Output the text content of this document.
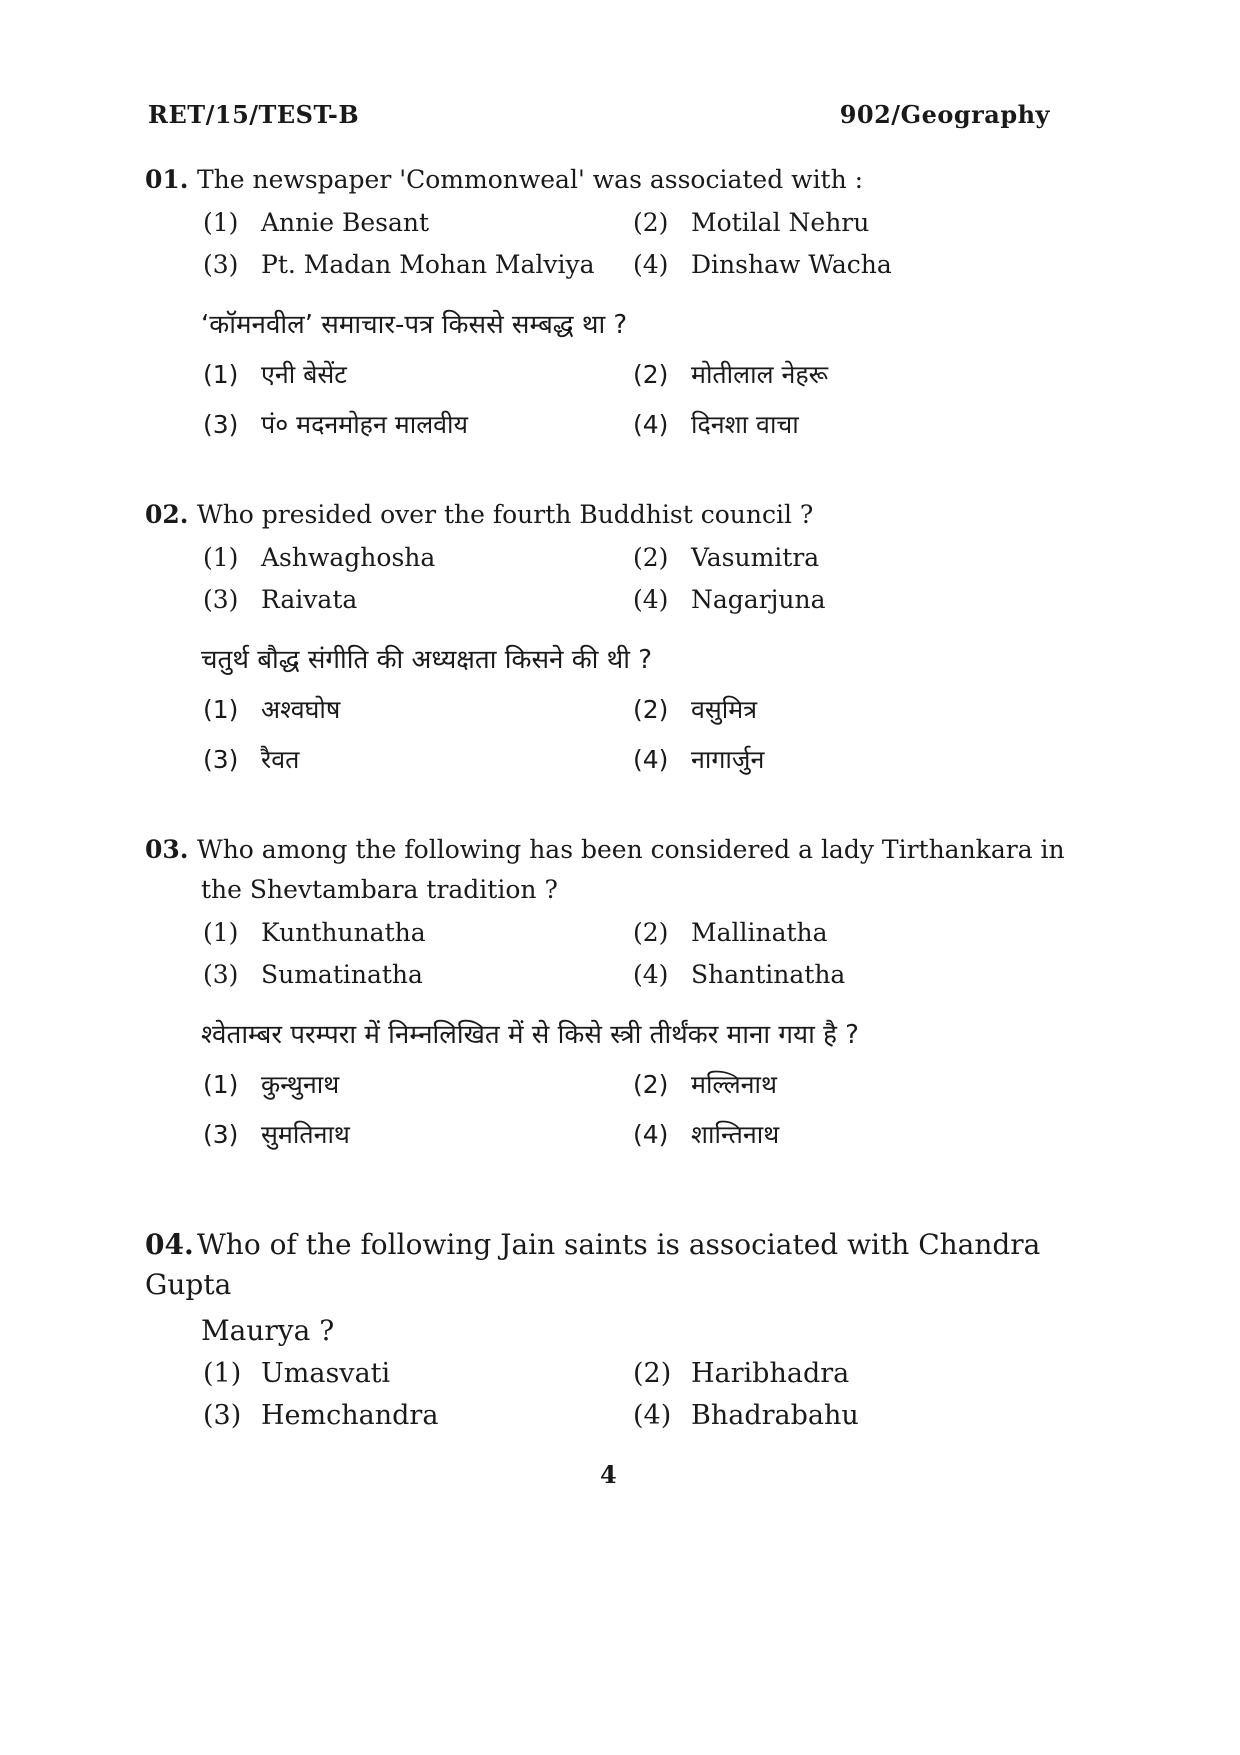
RET/15/TEST-B	902/Geography
01. The newspaper 'Commonweal' was associated with :
(1) Annie Besant	(2) Motilal Nehru
(3) Pt. Madan Mohan Malviya	(4) Dinshaw Wacha
‘कॉमनवील’ समाचार-पत्र किससे सम्बद्ध था ?
(1) एनी बेसेंट	(2) मोतीलाल नेहरू
(3) पं० मदनमोहन मालवीय	(4) दिनशा वाचा
02. Who presided over the fourth Buddhist council ?
(1) Ashwaghosha	(2) Vasumitra
(3) Raivata	(4) Nagarjuna
चतुर्थ बौद्ध संगीति की अध्यक्षता किसने की थी ?
(1) अश्वघोष	(2) वसुमित्र
(3) रैवत	(4) नागार्जुन
03. Who among the following has been considered a lady Tirthankara in
the Shevtambara tradition ?
(1) Kunthunatha	(2) Mallinatha
(3) Sumatinatha	(4) Shantinatha
श्वेताम्बर परम्परा में निम्नलिखित में से किसे स्त्री तीर्थंकर माना गया है ?
(1) कुन्थुनाथ	(2) मल्लिनाथ
(3) सुमतिनाथ	(4) शान्तिनाथ
04. Who of the following Jain saints is associated with Chandra Gupta
Maurya ?
(1) Umasvati	(2) Haribhadra
(3) Hemchandra	(4) Bhadrabahu
4
